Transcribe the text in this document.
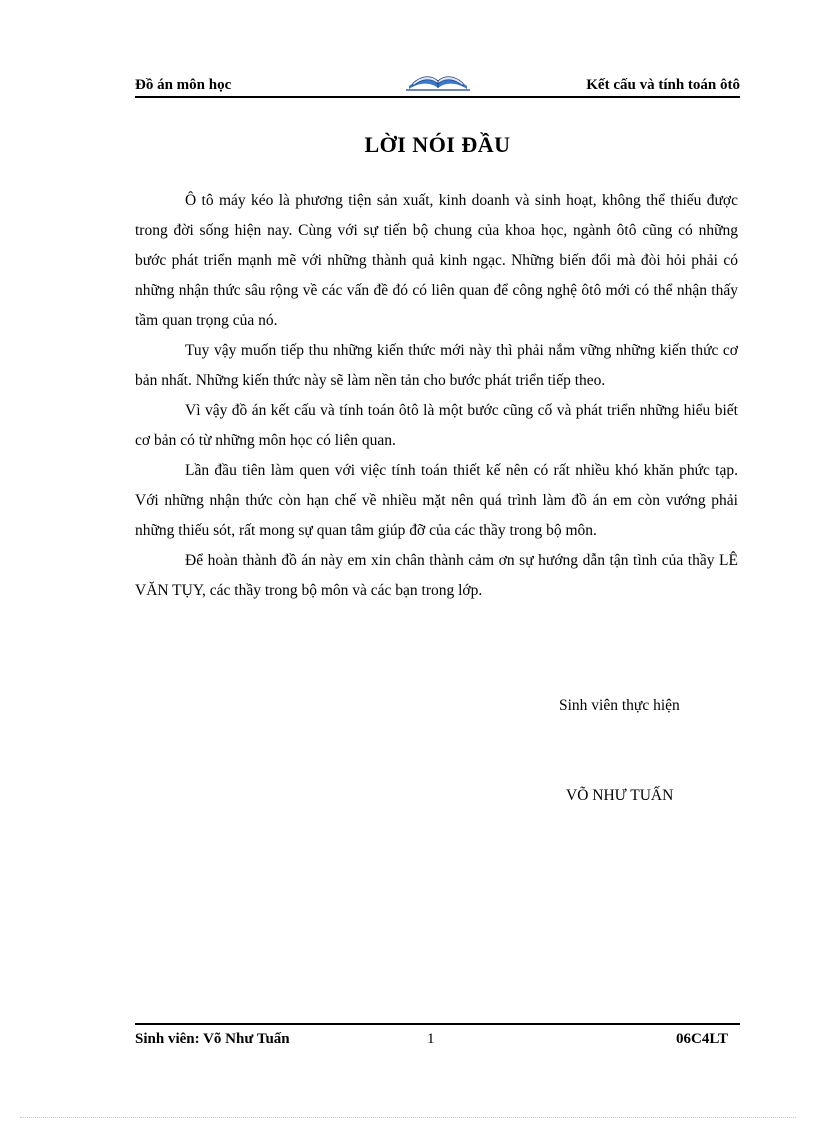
Đồ án môn học	Kết cấu và tính toán ôtô
LỜI NÓI ĐẦU

Ô tô máy kéo là phương tiện sản xuất, kinh doanh và sinh hoạt, không thể thiếu được trong đời sống hiện nay. Cùng với sự tiến bộ chung của khoa học, ngành ôtô cũng có những bước phát triển mạnh mẽ với những thành quả kinh ngạc. Những biến đổi mà đòi hỏi phải có những nhận thức sâu rộng về các vấn đề đó có liên quan để công nghệ ôtô mới có thể nhận thấy tầm quan trọng của nó.

Tuy vậy muốn tiếp thu những kiến thức mới này thì phải nắm vững những kiến thức cơ bản nhất. Những kiến thức này sẽ làm nền tản cho bước phát triển tiếp theo.

Vì vậy đồ án kết cấu và tính toán ôtô là một bước cũng cố và phát triển những hiểu biết cơ bản có từ những môn học có liên quan.

Lần đầu tiên làm quen với việc tính toán thiết kế nên có rất nhiều khó khăn phức tạp. Với những nhận thức còn hạn chế về nhiều mặt nên quá trình làm đồ án em còn vướng phải những thiếu sót, rất mong sự quan tâm giúp đỡ của các thầy trong bộ môn.

Để hoàn thành đồ án này em xin chân thành cảm ơn sự hướng dẫn tận tình của thầy LÊ VĂN TỤY, các thầy trong bộ môn và các bạn trong lớp.

Sinh viên thực hiện
VÕ NHƯ TUẤN
Sinh viên: Võ Như Tuấn	1	06C4LT
